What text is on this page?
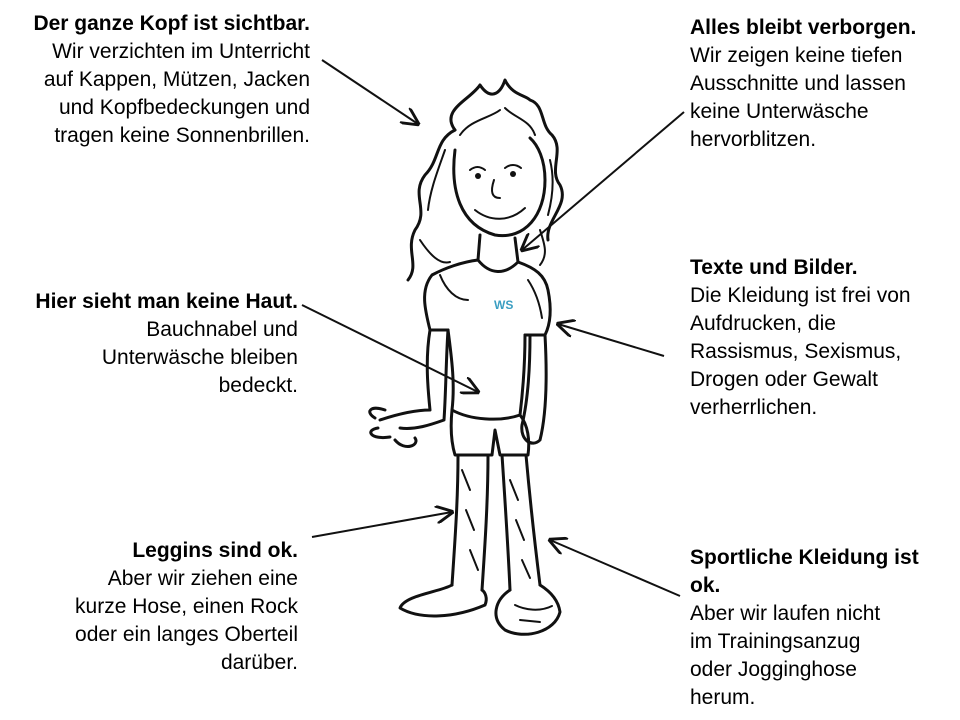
WS
Der ganze Kopf ist sichtbar.
Wir verzichten im Unterricht
auf Kappen, Mützen, Jacken
und Kopfbedeckungen und
tragen keine Sonnenbrillen.
Hier sieht man keine Haut.
Bauchnabel und
Unterwäsche bleiben
bedeckt.
Leggins sind ok.
Aber wir ziehen eine
kurze Hose, einen Rock
oder ein langes Oberteil
darüber.
Alles bleibt verborgen.
Wir zeigen keine tiefen
Ausschnitte und lassen
keine Unterwäsche
hervorblitzen.
Texte und Bilder.
Die Kleidung ist frei von
Aufdrucken, die
Rassismus, Sexismus,
Drogen oder Gewalt
verherrlichen.
Sportliche Kleidung ist ok.
Aber wir laufen nicht
im Trainingsanzug
oder Jogginghose
herum.
